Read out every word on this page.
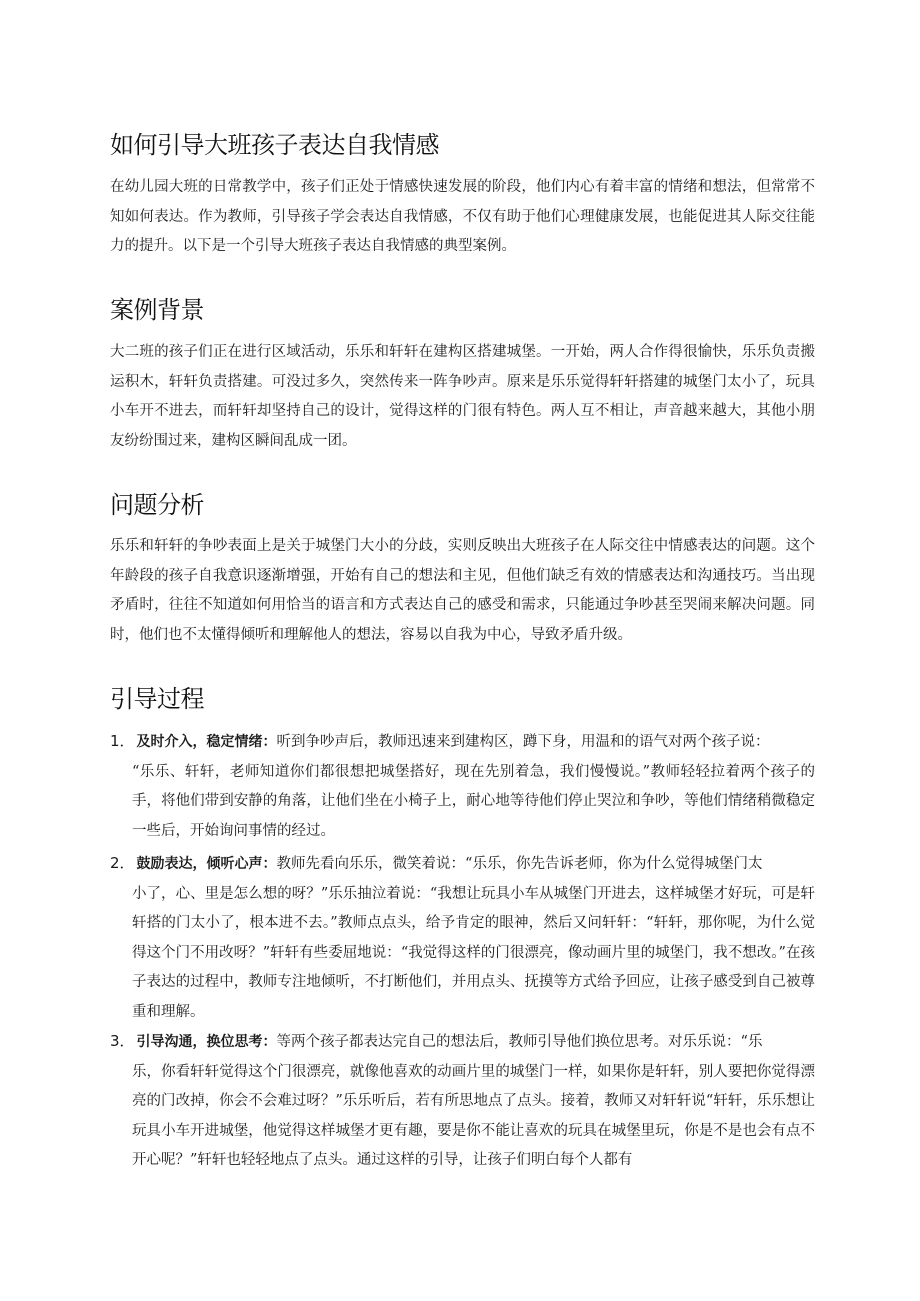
如何引导大班孩子表达自我情感

在幼儿园大班的日常教学中，孩子们正处于情感快速发展的阶段，他们内心有着丰富的情绪和想法，但常常不知如何表达。作为教师，引导孩子学会表达自我情感，不仅有助于他们心理健康发展，也能促进其人际交往能力的提升。以下是一个引导大班孩子表达自我情感的典型案例。

案例背景

大二班的孩子们正在进行区域活动，乐乐和轩轩在建构区搭建城堡。一开始，两人合作得很愉快，乐乐负责搬运积木，轩轩负责搭建。可没过多久，突然传来一阵争吵声。原来是乐乐觉得轩轩搭建的城堡门太小了，玩具小车开不进去，而轩轩却坚持自己的设计，觉得这样的门很有特色。两人互不相让，声音越来越大，其他小朋友纷纷围过来，建构区瞬间乱成一团。

问题分析

乐乐和轩轩的争吵表面上是关于城堡门大小的分歧，实则反映出大班孩子在人际交往中情感表达的问题。这个年龄段的孩子自我意识逐渐增强，开始有自己的想法和主见，但他们缺乏有效的情感表达和沟通技巧。当出现矛盾时，往往不知道如何用恰当的语言和方式表达自己的感受和需求，只能通过争吵甚至哭闹来解决问题。同时，他们也不太懂得倾听和理解他人的想法，容易以自我为中心，导致矛盾升级。

引导过程
1． 及时介入，稳定情绪：听到争吵声后，教师迅速来到建构区，蹲下身，用温和的语气对两个孩子说：
“乐乐、轩轩，老师知道你们都很想把城堡搭好，现在先别着急，我们慢慢说。”教师轻轻拉着两个孩子的手，将他们带到安静的角落，让他们坐在小椅子上，耐心地等待他们停止哭泣和争吵，等他们情绪稍微稳定一些后，开始询问事情的经过。
2． 鼓励表达，倾听心声：教师先看向乐乐，微笑着说：“乐乐，你先告诉老师，你为什么觉得城堡门太
小了，心、里是怎么想的呀？”乐乐抽泣着说：“我想让玩具小车从城堡门开进去，这样城堡才好玩，可是轩轩搭的门太小了，根本进不去。”教师点点头，给予肯定的眼神，然后又问轩轩：“轩轩，那你呢，为什么觉得这个门不用改呀？”轩轩有些委屈地说：“我觉得这样的门很漂亮，像动画片里的城堡门，我不想改。”在孩子表达的过程中，教师专注地倾听，不打断他们，并用点头、抚摸等方式给予回应，让孩子感受到自己被尊重和理解。
3． 引导沟通，换位思考：等两个孩子都表达完自己的想法后，教师引导他们换位思考。对乐乐说：“乐
乐，你看轩轩觉得这个门很漂亮，就像他喜欢的动画片里的城堡门一样，如果你是轩轩，别人要把你觉得漂亮的门改掉，你会不会难过呀？”乐乐听后，若有所思地点了点头。接着，教师又对轩轩说“轩轩，乐乐想让玩具小车开进城堡，他觉得这样城堡才更有趣，要是你不能让喜欢的玩具在城堡里玩，你是不是也会有点不开心呢？”轩轩也轻轻地点了点头。通过这样的引导，让孩子们明白每个人都有
